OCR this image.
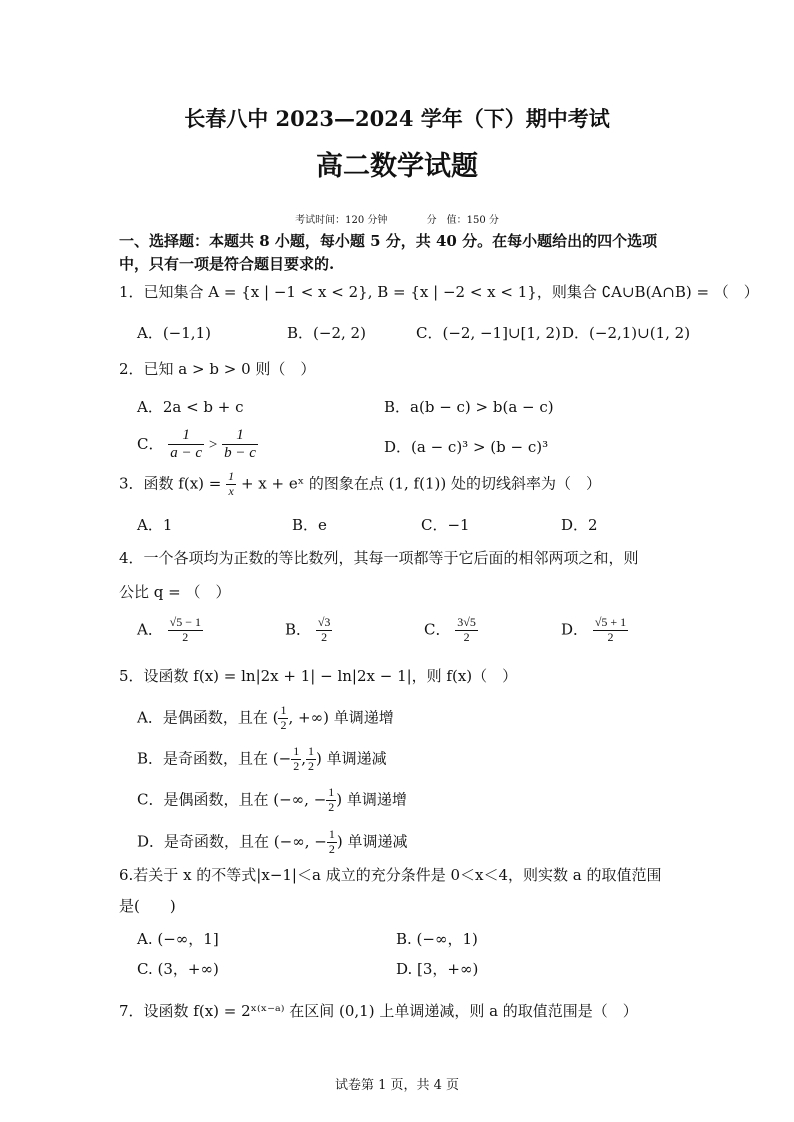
长春八中 2023—2024 学年（下）期中考试
高二数学试题
考试时间：120 分钟	分　值：150 分
一、选择题：本题共 8 小题，每小题 5 分，共 40 分。在每小题给出的四个选项
中，只有一项是符合题目要求的.
1．已知集合 A = {x | −1 < x < 2}, B = {x | −2 < x < 1}，则集合 ∁A∪B(A∩B) = （　）
A．(−1,1)	B．(−2, 2)	C．(−2, −1]∪[1, 2) D．(−2,1)∪(1, 2)
2．已知 a > b > 0 则（　）
A．2a < b + c	B．a(b − c) > b(a − c)
C． $\frac{1}{a - c} > \frac{1}{b - c}$	D．(a − c)³ > (b − c)³
3．函数 $f(x) = \frac{1}{x} + x$ + eˣ 的图象在点 (1, f(1)) 处的切线斜率为（　）
A．1	B．e	C．−1	D．2
4．一个各项均为正数的等比数列，其每一项都等于它后面的相邻两项之和，则
公比 q = （　）
A． $\frac{√5 - 1}{2}$	B． $\frac{√3}{2}$	C． $\frac{3√5}{2}$	D． $\frac{√5 + 1}{2}$
5．设函数 f(x) = ln|2x + 1| − ln|2x − 1|，则 f(x)（　）
A．是偶函数，且在 ( $\frac{1}{2}$ , +∞) 单调递增
B．是奇函数，且在 (− $\frac{1}{2}$ , $\frac{1}{2}$ ) 单调递减
C．是偶函数，且在 (−∞, − $\frac{1}{2}$ ) 单调递增
D．是奇函数，且在 (−∞, − $\frac{1}{2}$ ) 单调递减
6.若关于 x 的不等式|x−1|＜a 成立的充分条件是 0＜x＜4，则实数 a 的取值范围
是(　　)
A. (−∞，1]	B. (−∞，1)
C. (3，+∞)	D. [3，+∞)
7．设函数 f(x) = 2ˣ⁽ˣ⁻ᵃ⁾ 在区间 (0,1) 上单调递减，则 a 的取值范围是（　）
试卷第 1 页，共 4 页
